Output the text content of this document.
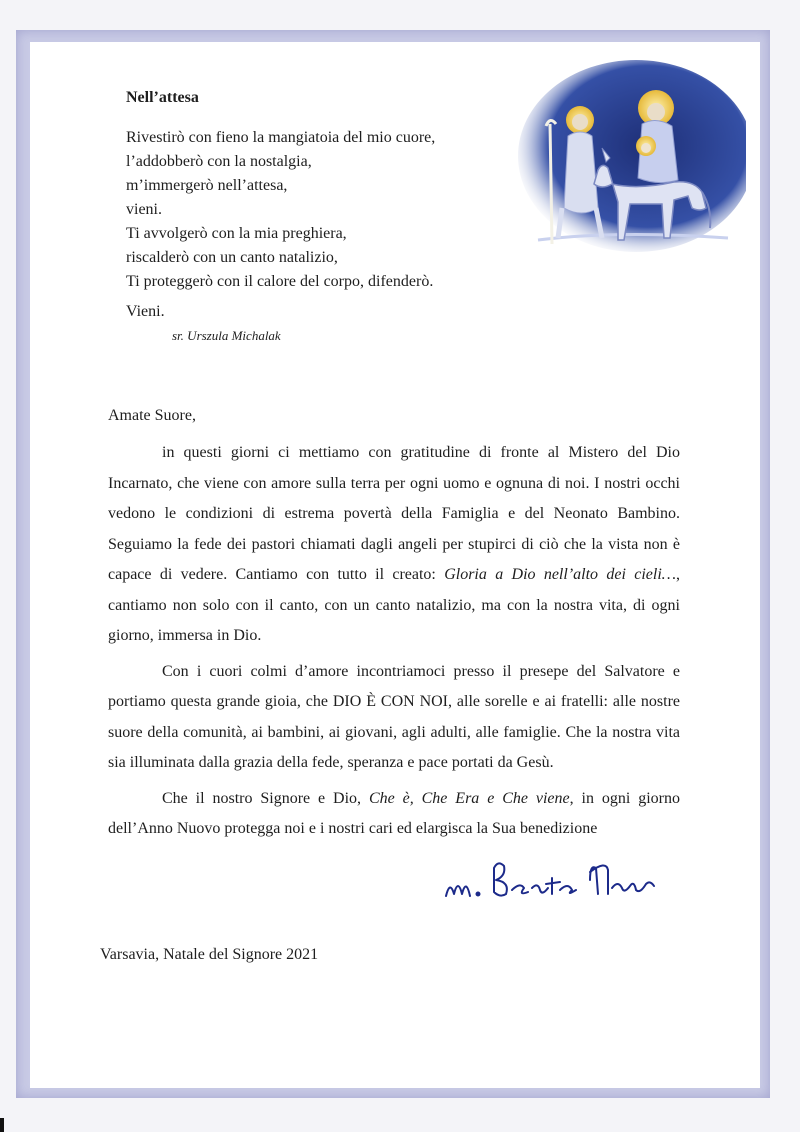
Nell’attesa
Rivestirò con fieno la mangiatoia del mio cuore,
l’addobberò con la nostalgia,
m’immergerò nell’attesa,
vieni.
Ti avvolgerò con la mia preghiera,
riscalderò con un canto natalizio,
Ti proteggerò con il calore del corpo, difenderò.
Vieni.
sr. Urszula Michalak

Amate Suore,

in questi giorni ci mettiamo con gratitudine di fronte al Mistero del Dio Incarnato, che viene con amore sulla terra per ogni uomo e ognuna di noi. I nostri occhi vedono le condizioni di estrema povertà della Famiglia e del Neonato Bambino. Seguiamo la fede dei pastori chiamati dagli angeli per stupirci di ciò che la vista non è capace di vedere. Cantiamo con tutto il creato: Gloria a Dio nell’alto dei cieli…, cantiamo non solo con il canto, con un canto natalizio, ma con la nostra vita, di ogni giorno, immersa in Dio.

Con i cuori colmi d’amore incontriamoci presso il presepe del Salvatore e portiamo questa grande gioia, che DIO È CON NOI, alle sorelle e ai fratelli: alle nostre suore della comunità, ai bambini, ai giovani, agli adulti, alle famiglie. Che la nostra vita sia illuminata dalla grazia della fede, speranza e pace portati da Gesù.

Che il nostro Signore e Dio, Che è, Che Era e Che viene, in ogni giorno dell’Anno Nuovo protegga noi e i nostri cari ed elargisca la Sua benedizione

Varsavia, Natale del Signore 2021
